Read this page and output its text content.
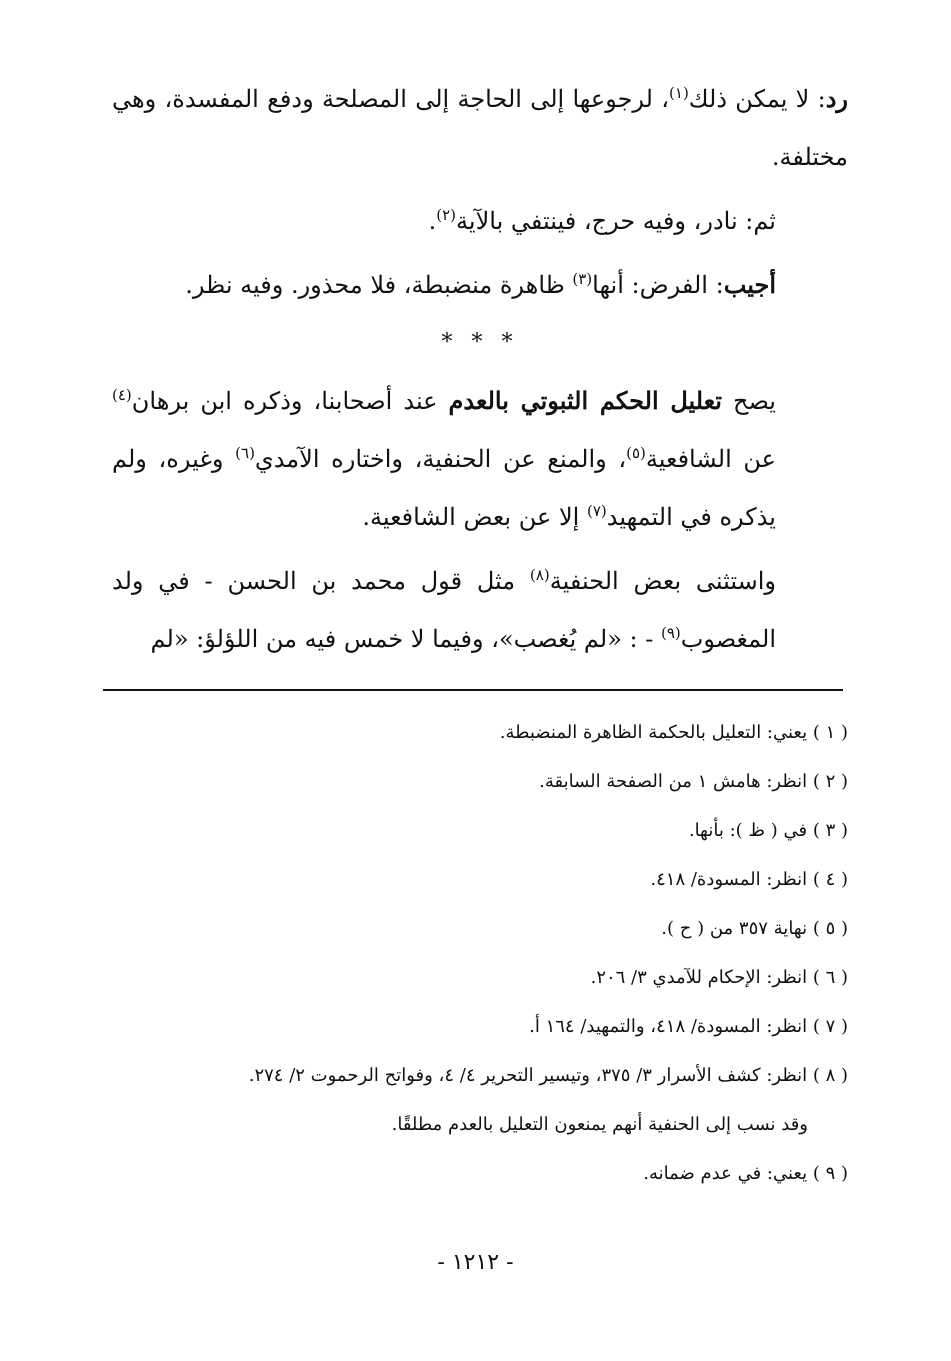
رد: لا يمكن ذلك$^{(١)}$، لرجوعها إلى الحاجة إلى المصلحة ودفع المفسدة، وهي مختلفة.

ثم: نادر، وفيه حرج، فينتفي بالآية$^{(٢)}$.

أجيب: الفرض: أنها$^{(٣)}$ ظاهرة منضبطة، فلا محذور. وفيه نظر.

* * *

يصح تعليل الحكم الثبوتي بالعدم عند أصحابنا، وذكره ابن برهان$^{(٤)}$ عن الشافعية$^{(٥)}$، والمنع عن الحنفية، واختاره الآمدي$^{(٦)}$ وغيره، ولم يذكره في التمهيد$^{(٧)}$ إلا عن بعض الشافعية.

واستثنى بعض الحنفية$^{(٨)}$ مثل قول محمد بن الحسن - في ولد المغصوب$^{(٩)}$ - : «لم يُغصب»، وفيما لا خمس فيه من اللؤلؤ: «لم

( ١ ) يعني: التعليل بالحكمة الظاهرة المنضبطة.
( ٢ ) انظر: هامش ١ من الصفحة السابقة.
( ٣ ) في ( ظ ): بأنها.
( ٤ ) انظر: المسودة/ ٤١٨.
( ٥ ) نهاية ٣٥٧ من ( ح ).
( ٦ ) انظر: الإحكام للآمدي ٣/ ٢٠٦.
( ٧ ) انظر: المسودة/ ٤١٨، والتمهيد/ ١٦٤ أ.
( ٨ ) انظر: كشف الأسرار ٣/ ٣٧٥، وتيسير التحرير ٤/ ٤، وفواتح الرحموت ٢/ ٢٧٤.
وقد نسب إلى الحنفية أنهم يمنعون التعليل بالعدم مطلقًا.
( ٩ ) يعني: في عدم ضمانه.
- ١٢١٢ -
